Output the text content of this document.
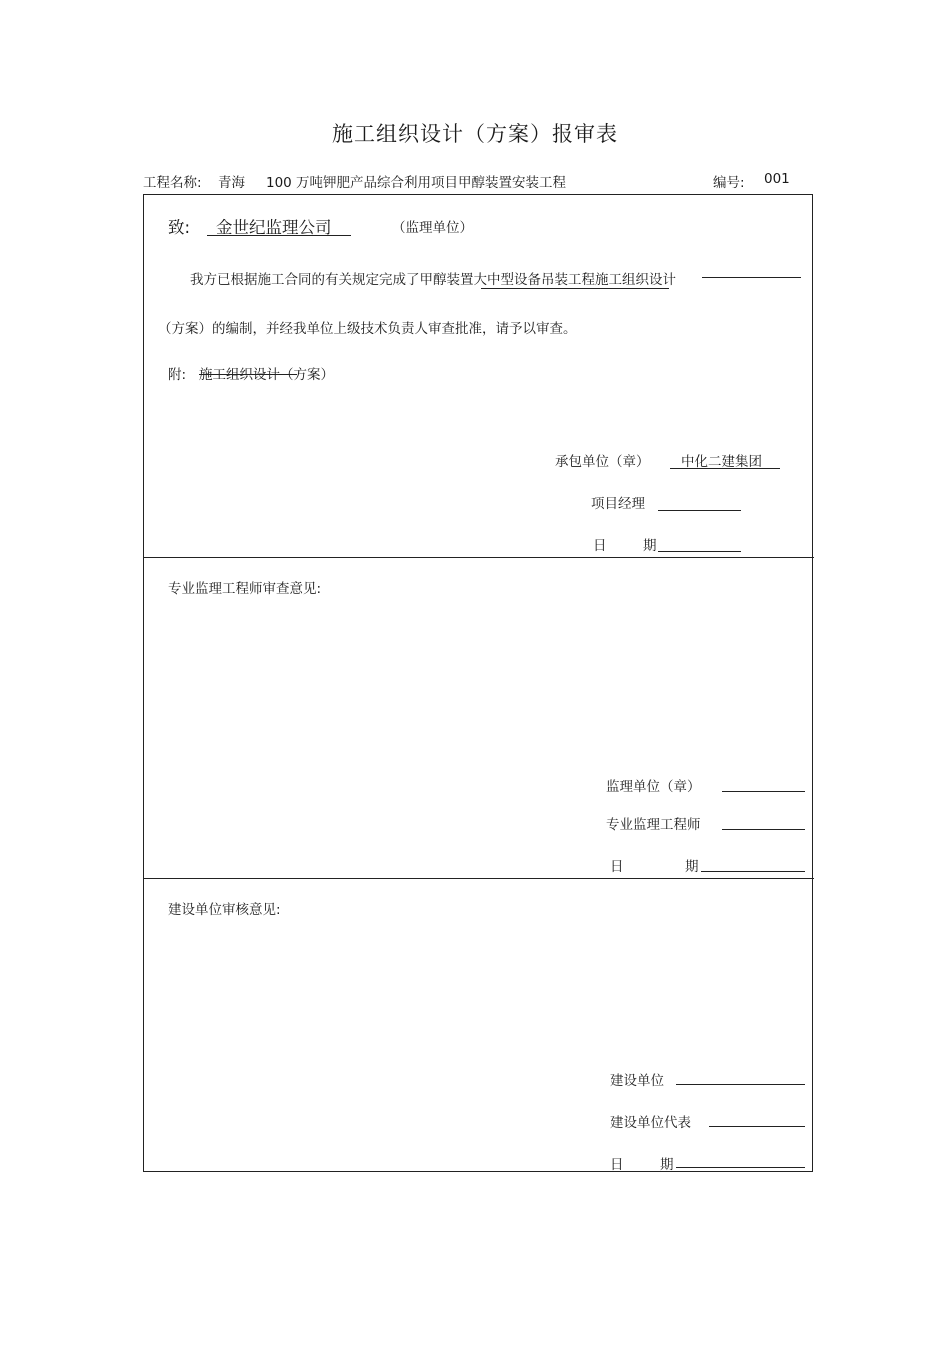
施工组织设计（方案）报审表
工程名称: 青海 100 万吨钾肥产品综合利用项目甲醇装置安装工程	编号: 001
致: 金世纪监理公司	（监理单位）
我方已根据施工合同的有关规定完成了甲醇装置大中型设备吊装工程施工组织设计
（方案）的编制，并经我单位上级技术负责人审查批准，请予以审查。
附: 施工组织设计（方案）
承包单位（章） 中化二建集团
项目经理
日	期
专业监理工程师审查意见:
监理单位（章）
专业监理工程师
日	期
建设单位审核意见:
建设单位
建设单位代表
日	期
